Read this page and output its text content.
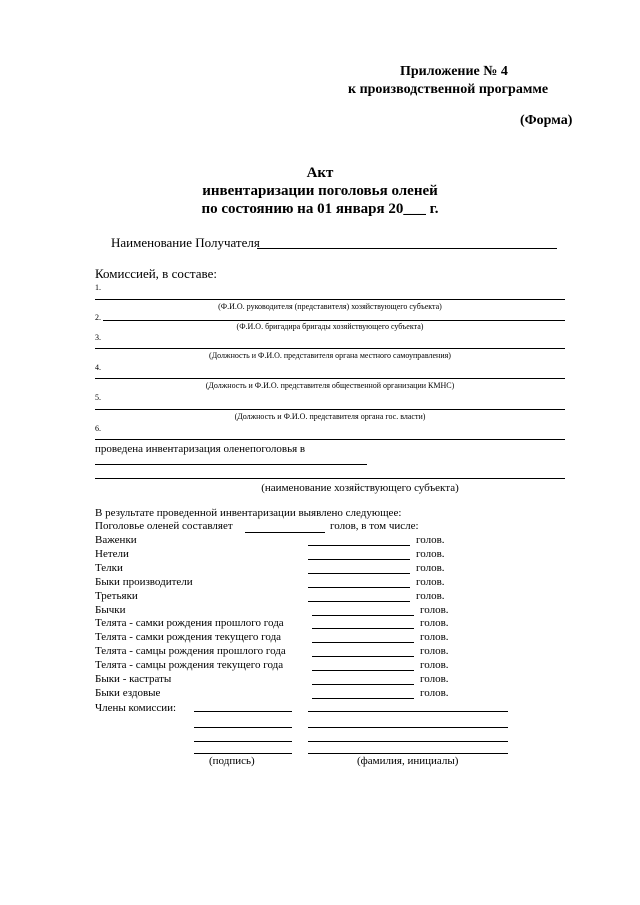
Приложение № 4
к производственной программе
(Форма)
Акт
инвентаризации поголовья оленей
по состоянию на 01 января 20___ г.
Наименование Получателя
Комиссией, в составе:
1.
(Ф.И.О. руководителя (представителя) хозяйствующего субъекта)
2.
(Ф.И.О. бригадира бригады хозяйствующего субъекта)
3.
(Должность и Ф.И.О. представителя органа местного самоуправления)
4.
(Должность и Ф.И.О. представителя общественной организации КМНС)
5.
(Должность и Ф.И.О. представителя органа гос. власти)
6.
проведена инвентаризация оленепоголовья в
(наименование хозяйствующего субъекта)
В результате проведенной инвентаризации выявлено следующее:
Поголовье оленей составляет	голов, в том числе:
Важенки	голов.
Нетели	голов.
Телки	голов.
Быки производители	голов.
Третьяки	голов.
Бычки	голов.
Телята - самки рождения прошлого года	голов.
Телята - самки рождения текущего года	голов.
Телята - самцы рождения прошлого года	голов.
Телята - самцы рождения текущего года	голов.
Быки - кастраты	голов.
Быки ездовые	голов.
Члены комиссии:
(подпись)	(фамилия, инициалы)
